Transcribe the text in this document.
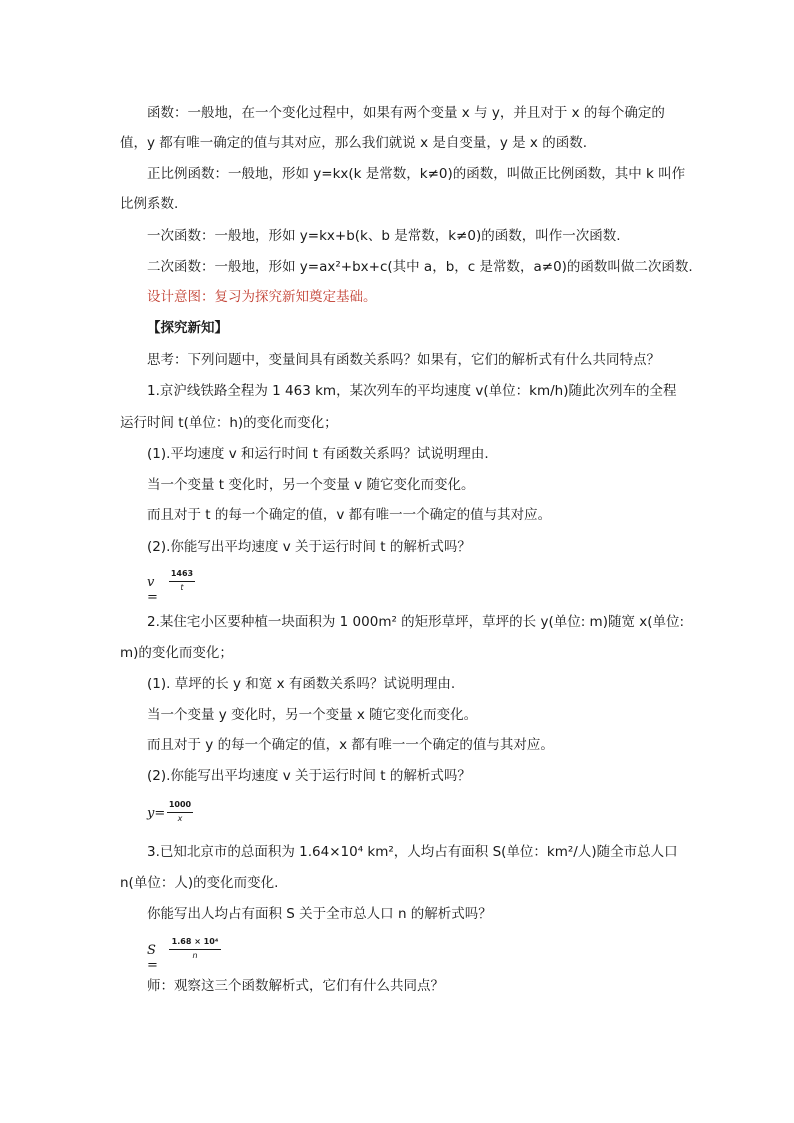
函数：一般地，在一个变化过程中，如果有两个变量 x 与 y，并且对于 x 的每个确定的
值，y 都有唯一确定的值与其对应，那么我们就说 x 是自变量，y 是 x 的函数.
正比例函数：一般地，形如 y=kx(k 是常数，k≠0)的函数，叫做正比例函数，其中 k 叫作
比例系数.
一次函数：一般地，形如 y=kx+b(k、b 是常数，k≠0)的函数，叫作一次函数.
二次函数：一般地，形如 y=ax²+bx+c(其中 a，b，c 是常数，a≠0)的函数叫做二次函数.
设计意图：复习为探究新知奠定基础。
【探究新知】
思考：下列问题中，变量间具有函数关系吗？如果有，它们的解析式有什么共同特点？
1.京沪线铁路全程为 1 463 km，某次列车的平均速度 v(单位：km/h)随此次列车的全程
运行时间 t(单位：h)的变化而变化；
(1).平均速度 v 和运行时间 t 有函数关系吗？试说明理由.
当一个变量 t 变化时，另一个变量 v 随它变化而变化。
而且对于 t 的每一个确定的值，v 都有唯一一个确定的值与其对应。
(2).你能写出平均速度 v 关于运行时间 t 的解析式吗？
v =
1463
t
2.某住宅小区要种植一块面积为 1 000m² 的矩形草坪，草坪的长 y(单位: m)随宽 x(单位:
m)的变化而变化；
(1). 草坪的长 y 和宽 x 有函数关系吗？试说明理由.
当一个变量 y 变化时，另一个变量 x 随它变化而变化。
而且对于 y 的每一个确定的值，x 都有唯一一个确定的值与其对应。
(2).你能写出平均速度 v 关于运行时间 t 的解析式吗？
y=
1000
x
3.已知北京市的总面积为 1.64×10⁴ km²，人均占有面积 S(单位：km²/人)随全市总人口
n(单位：人)的变化而变化.
你能写出人均占有面积 S 关于全市总人口 n 的解析式吗？
S =
1.68 × 10⁴
n
师：观察这三个函数解析式，它们有什么共同点？
